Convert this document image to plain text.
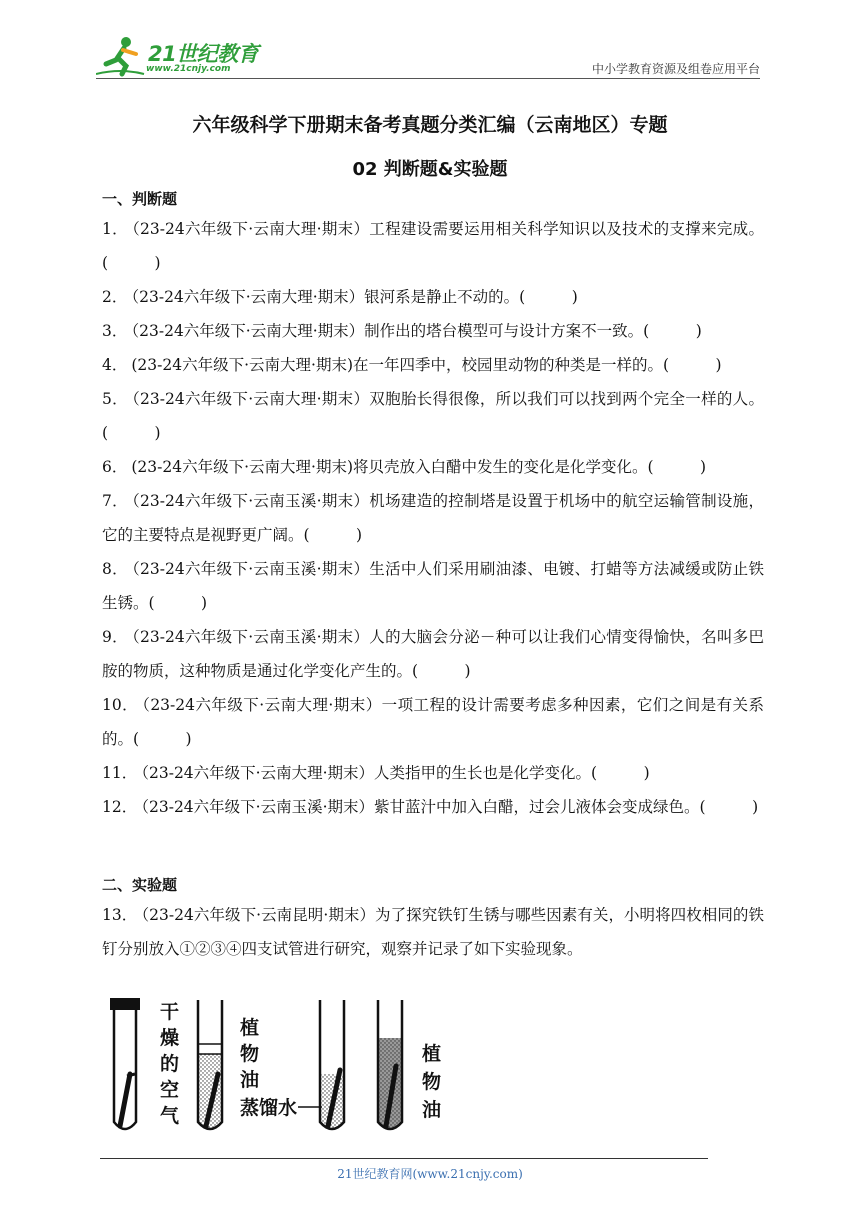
21世纪教育
www.21cnjy.com	中小学教育资源及组卷应用平台
六年级科学下册期末备考真题分类汇编（云南地区）专题
02 判断题&实验题
一、判断题

1． （23-24六年级下·云南大理·期末）工程建设需要运用相关科学知识以及技术的支撑来完成。(　　　)

2． （23-24六年级下·云南大理·期末）银河系是静止不动的。(　　　)

3． （23-24六年级下·云南大理·期末）制作出的塔台模型可与设计方案不一致。(　　　)

4． (23-24六年级下·云南大理·期末)在一年四季中，校园里动物的种类是一样的。(　　　)

5． （23-24六年级下·云南大理·期末）双胞胎长得很像，所以我们可以找到两个完全一样的人。(　　　)

6． (23-24六年级下·云南大理·期末)将贝壳放入白醋中发生的变化是化学变化。(　　　)

7． （23-24六年级下·云南玉溪·期末）机场建造的控制塔是设置于机场中的航空运输管制设施，它的主要特点是视野更广阔。(　　　)

8． （23-24六年级下·云南玉溪·期末）生活中人们采用刷油漆、电镀、打蜡等方法减缓或防止铁生锈。(　　　)

9． （23-24六年级下·云南玉溪·期末）人的大脑会分泌－种可以让我们心情变得愉快，名叫多巴胺的物质，这种物质是通过化学变化产生的。(　　　)

10． （23-24六年级下·云南大理·期末）一项工程的设计需要考虑多种因素，它们之间是有关系的。(　　　)

11． （23-24六年级下·云南大理·期末）人类指甲的生长也是化学变化。(　　　)

12． （23-24六年级下·云南玉溪·期末）紫甘蓝汁中加入白醋，过会儿液体会变成绿色。(　　　)

二、实验题

13． （23-24六年级下·云南昆明·期末）为了探究铁钉生锈与哪些因素有关，小明将四枚相同的铁钉分别放入①②③④四支试管进行研究，观察并记录了如下实验现象。

干
燥
的
空
气
植
物
油
蒸馏水
植
物
油
21世纪教育网(www.21cnjy.com)
